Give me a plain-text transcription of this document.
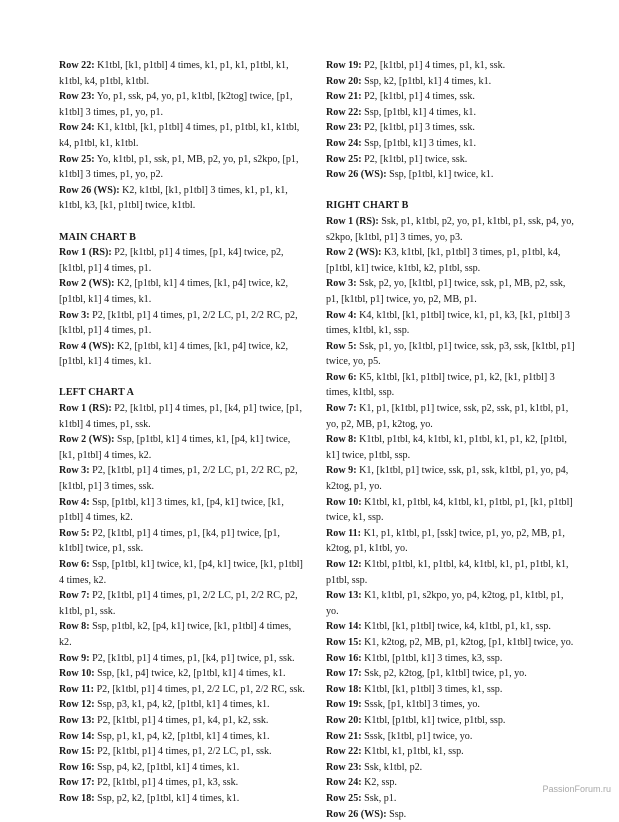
Row 22: K1tbl, [k1, p1tbl] 4 times, k1, p1, k1, p1tbl, k1, k1tbl, k4, p1tbl, k1tbl.

Row 23: Yo, p1, ssk, p4, yo, p1, k1tbl, [k2tog] twice, [p1, k1tbl] 3 times, p1, yo, p1.

Row 24: K1, k1tbl, [k1, p1tbl] 4 times, p1, p1tbl, k1, k1tbl, k4, p1tbl, k1, k1tbl.

Row 25: Yo, k1tbl, p1, ssk, p1, MB, p2, yo, p1, s2kpo, [p1, k1tbl] 3 times, p1, yo, p2.

Row 26 (WS): K2, k1tbl, [k1, p1tbl] 3 times, k1, p1, k1, k1tbl, k3, [k1, p1tbl] twice, k1tbl.

MAIN CHART B

Row 1 (RS): P2, [k1tbl, p1] 4 times, [p1, k4] twice, p2, [k1tbl, p1] 4 times, p1.

Row 2 (WS): K2, [p1tbl, k1] 4 times, [k1, p4] twice, k2, [p1tbl, k1] 4 times, k1.

Row 3: P2, [k1tbl, p1] 4 times, p1, 2/2 LC, p1, 2/2 RC, p2, [k1tbl, p1] 4 times, p1.

Row 4 (WS): K2, [p1tbl, k1] 4 times, [k1, p4] twice, k2, [p1tbl, k1] 4 times, k1.

LEFT CHART A

Row 1 (RS): P2, [k1tbl, p1] 4 times, p1, [k4, p1] twice, [p1, k1tbl] 4 times, p1, ssk.

Row 2 (WS): Ssp, [p1tbl, k1] 4 times, k1, [p4, k1] twice, [k1, p1tbl] 4 times, k2.

Row 3: P2, [k1tbl, p1] 4 times, p1, 2/2 LC, p1, 2/2 RC, p2, [k1tbl, p1] 3 times, ssk.

Row 4: Ssp, [p1tbl, k1] 3 times, k1, [p4, k1] twice, [k1, p1tbl] 4 times, k2.

Row 5: P2, [k1tbl, p1] 4 times, p1, [k4, p1] twice, [p1, k1tbl] twice, p1, ssk.

Row 6: Ssp, [p1tbl, k1] twice, k1, [p4, k1] twice, [k1, p1tbl] 4 times, k2.

Row 7: P2, [k1tbl, p1] 4 times, p1, 2/2 LC, p1, 2/2 RC, p2, k1tbl, p1, ssk.

Row 8: Ssp, p1tbl, k2, [p4, k1] twice, [k1, p1tbl] 4 times, k2.

Row 9: P2, [k1tbl, p1] 4 times, p1, [k4, p1] twice, p1, ssk.

Row 10: Ssp, [k1, p4] twice, k2, [p1tbl, k1] 4 times, k1.

Row 11: P2, [k1tbl, p1] 4 times, p1, 2/2 LC, p1, 2/2 RC, ssk.

Row 12: Ssp, p3, k1, p4, k2, [p1tbl, k1] 4 times, k1.

Row 13: P2, [k1tbl, p1] 4 times, p1, k4, p1, k2, ssk.

Row 14: Ssp, p1, k1, p4, k2, [p1tbl, k1] 4 times, k1.

Row 15: P2, [k1tbl, p1] 4 times, p1, 2/2 LC, p1, ssk.

Row 16: Ssp, p4, k2, [p1tbl, k1] 4 times, k1.

Row 17: P2, [k1tbl, p1] 4 times, p1, k3, ssk.

Row 18: Ssp, p2, k2, [p1tbl, k1] 4 times, k1.

Row 19: P2, [k1tbl, p1] 4 times, p1, k1, ssk.

Row 20: Ssp, k2, [p1tbl, k1] 4 times, k1.

Row 21: P2, [k1tbl, p1] 4 times, ssk.

Row 22: Ssp, [p1tbl, k1] 4 times, k1.

Row 23: P2, [k1tbl, p1] 3 times, ssk.

Row 24: Ssp, [p1tbl, k1] 3 times, k1.

Row 25: P2, [k1tbl, p1] twice, ssk.

Row 26 (WS): Ssp, [p1tbl, k1] twice, k1.

RIGHT CHART B

Row 1 (RS): Ssk, p1, k1tbl, p2, yo, p1, k1tbl, p1, ssk, p4, yo, s2kpo, [k1tbl, p1] 3 times, yo, p3.

Row 2 (WS): K3, k1tbl, [k1, p1tbl] 3 times, p1, p1tbl, k4, [p1tbl, k1] twice, k1tbl, k2, p1tbl, ssp.

Row 3: Ssk, p2, yo, [k1tbl, p1] twice, ssk, p1, MB, p2, ssk, p1, [k1tbl, p1] twice, yo, p2, MB, p1.

Row 4: K4, k1tbl, [k1, p1tbl] twice, k1, p1, k3, [k1, p1tbl] 3 times, k1tbl, k1, ssp.

Row 5: Ssk, p1, yo, [k1tbl, p1] twice, ssk, p3, ssk, [k1tbl, p1] twice, yo, p5.

Row 6: K5, k1tbl, [k1, p1tbl] twice, p1, k2, [k1, p1tbl] 3 times, k1tbl, ssp.

Row 7: K1, p1, [k1tbl, p1] twice, ssk, p2, ssk, p1, k1tbl, p1, yo, p2, MB, p1, k2tog, yo.

Row 8: K1tbl, p1tbl, k4, k1tbl, k1, p1tbl, k1, p1, k2, [p1tbl, k1] twice, p1tbl, ssp.

Row 9: K1, [k1tbl, p1] twice, ssk, p1, ssk, k1tbl, p1, yo, p4, k2tog, p1, yo.

Row 10: K1tbl, k1, p1tbl, k4, k1tbl, k1, p1tbl, p1, [k1, p1tbl] twice, k1, ssp.

Row 11: K1, p1, k1tbl, p1, [ssk] twice, p1, yo, p2, MB, p1, k2tog, p1, k1tbl, yo.

Row 12: K1tbl, p1tbl, k1, p1tbl, k4, k1tbl, k1, p1, p1tbl, k1, p1tbl, ssp.

Row 13: K1, k1tbl, p1, s2kpo, yo, p4, k2tog, p1, k1tbl, p1, yo.

Row 14: K1tbl, [k1, p1tbl] twice, k4, k1tbl, p1, k1, ssp.

Row 15: K1, k2tog, p2, MB, p1, k2tog, [p1, k1tbl] twice, yo.

Row 16: K1tbl, [p1tbl, k1] 3 times, k3, ssp.

Row 17: Ssk, p2, k2tog, [p1, k1tbl] twice, p1, yo.

Row 18: K1tbl, [k1, p1tbl] 3 times, k1, ssp.

Row 19: Sssk, [p1, k1tbl] 3 times, yo.

Row 20: K1tbl, [p1tbl, k1] twice, p1tbl, ssp.

Row 21: Sssk, [k1tbl, p1] twice, yo.

Row 22: K1tbl, k1, p1tbl, k1, ssp.

Row 23: Ssk, k1tbl, p2.

Row 24: K2, ssp.

Row 25: Ssk, p1.

Row 26 (WS): Ssp.

PassionForum.ru
